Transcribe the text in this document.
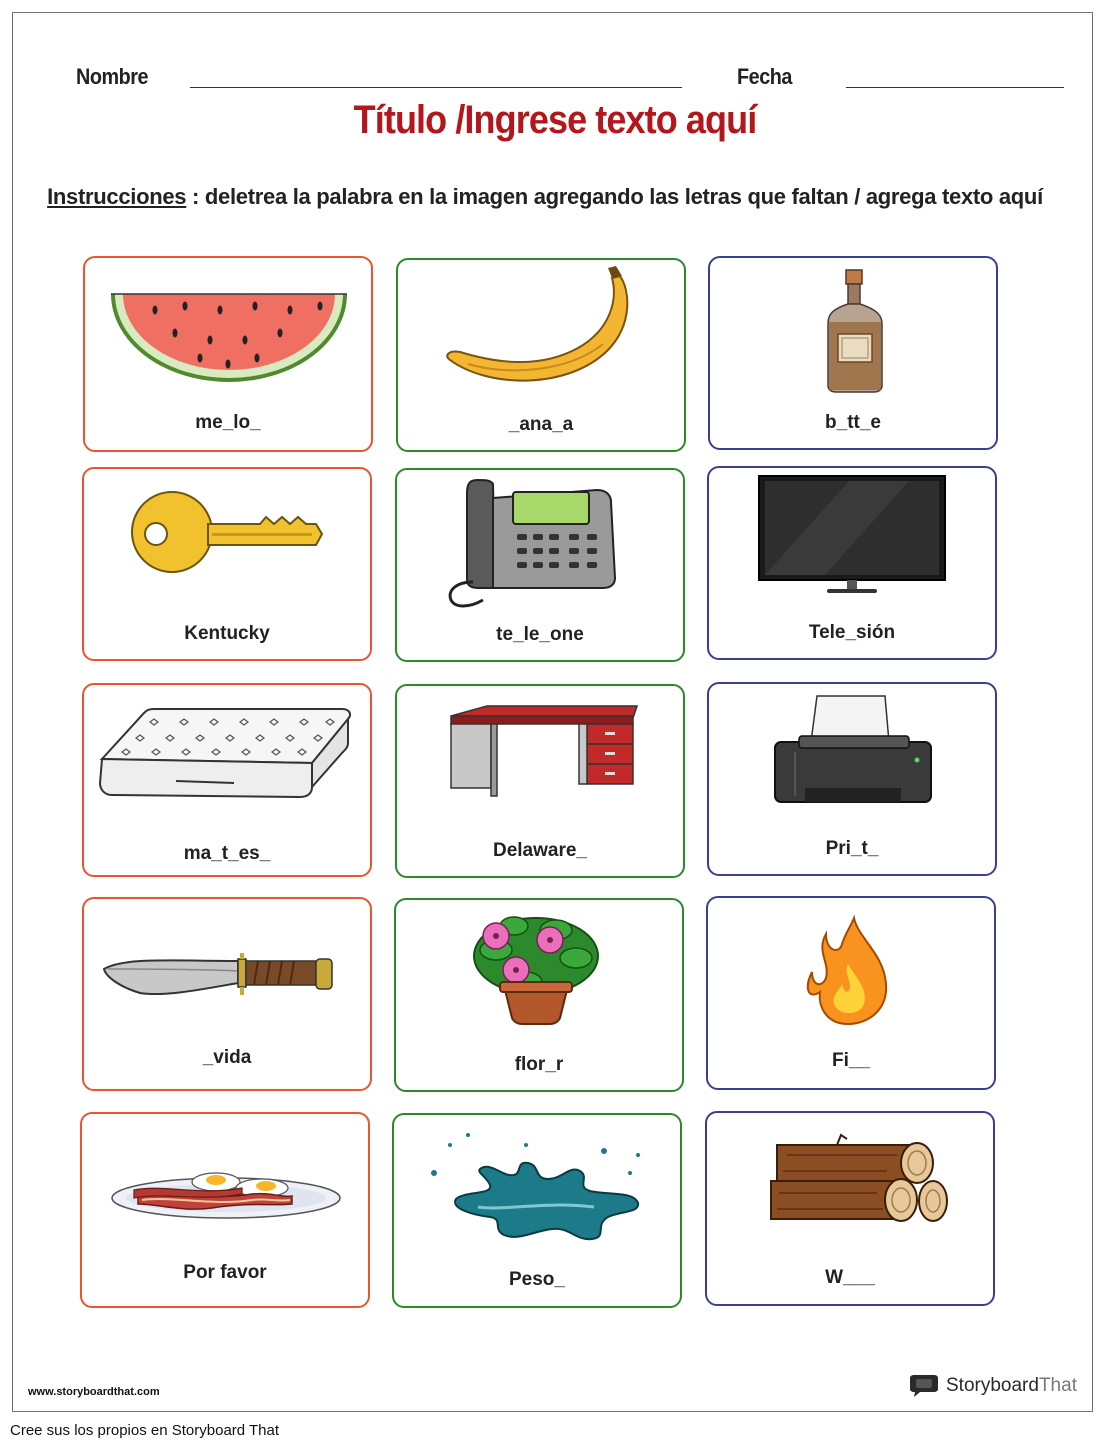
Nombre	Fecha
Título /Ingrese texto aquí
Instrucciones : deletrea la palabra en la imagen agregando las letras que faltan / agrega texto aquí
me_lo_	_ana_a	b_tt_e
Kentucky	te_le_one	Tele_sión
ma_t_es_	Delaware_	Pri_t_
_vida	flor_r	Fi__
Por favor	Peso_	W___
www.storyboardthat.com	Storyboard That
Cree sus los propios en Storyboard That
